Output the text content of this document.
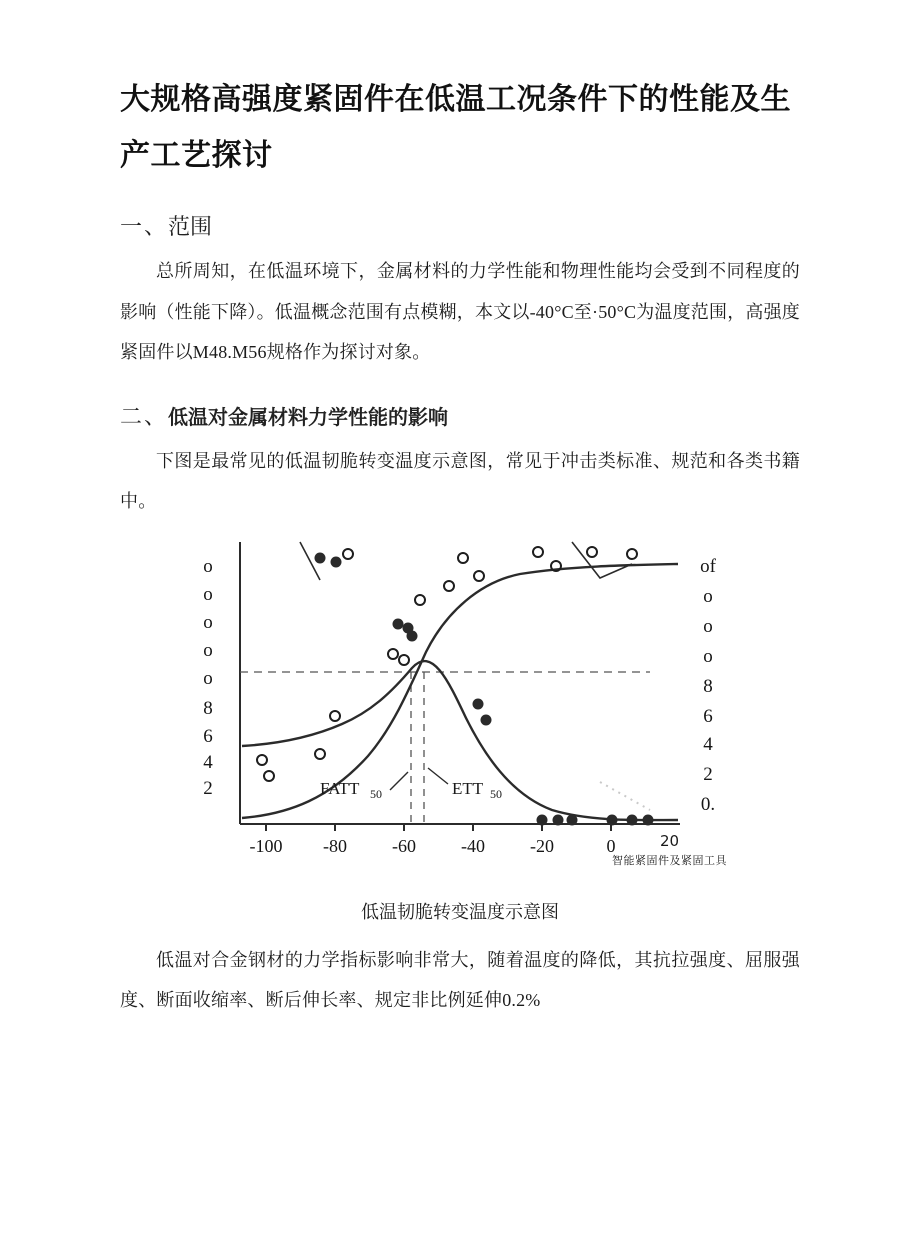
大规格高强度紧固件在低温工况条件下的性能及生产工艺探讨
一、范围

总所周知，在低温环境下，金属材料的力学性能和物理性能均会受到不同程度的影响（性能下降）。低温概念范围有点模糊，本文以-40°C至·50°C为温度范围，高强度紧固件以M48.M56规格作为探讨对象。

二、低温对金属材料力学性能的影响

下图是最常见的低温韧脆转变温度示意图，常见于冲击类标准、规范和各类书籍中。

FATT 50	ETT 50
-100 -80	-60	-40	-20	0
o
o
o
o
o
8
6
4
2
of
o
o
o
8
6
4
2
0.
20
智能紧固件及紧固工具
低温韧脆转变温度示意图

低温对合金钢材的力学指标影响非常大，随着温度的降低，其抗拉强度、屈服强度、断面收缩率、断后伸长率、规定非比例延伸0.2%
